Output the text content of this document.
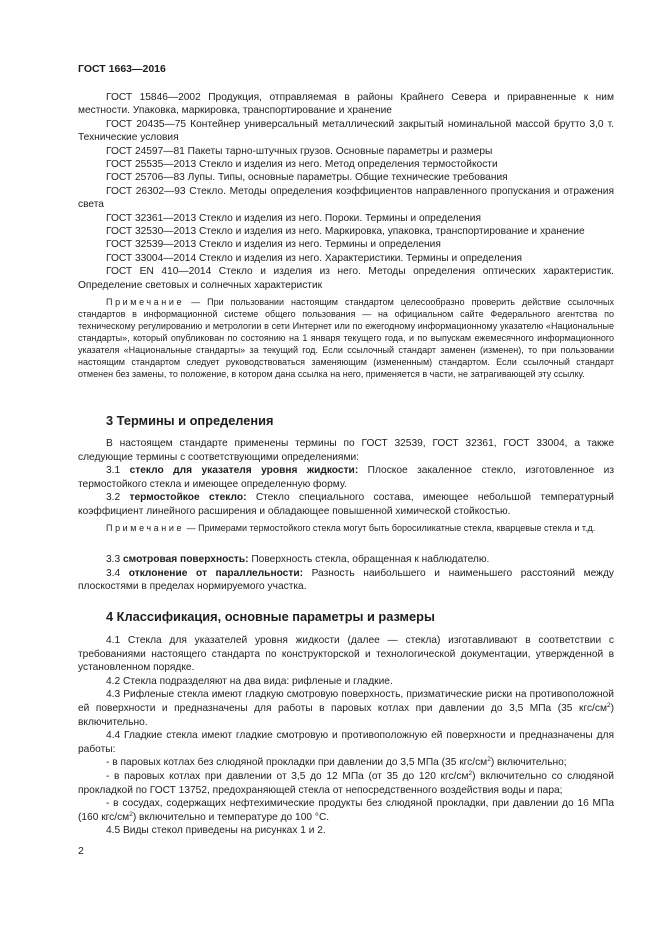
ГОСТ 1663—2016

ГОСТ 15846—2002 Продукция, отправляемая в районы Крайнего Севера и приравненные к ним местности. Упаковка, маркировка, транспортирование и хранение

ГОСТ 20435—75 Контейнер универсальный металлический закрытый номинальной массой брутто 3,0 т. Технические условия

ГОСТ 24597—81 Пакеты тарно-штучных грузов. Основные параметры и размеры

ГОСТ 25535—2013 Стекло и изделия из него. Метод определения термостойкости

ГОСТ 25706—83 Лупы. Типы, основные параметры. Общие технические требования

ГОСТ 26302—93 Стекло. Методы определения коэффициентов направленного пропускания и отражения света

ГОСТ 32361—2013 Стекло и изделия из него. Пороки. Термины и определения

ГОСТ 32530—2013 Стекло и изделия из него. Маркировка, упаковка, транспортирование и хранение

ГОСТ 32539—2013 Стекло и изделия из него. Термины и определения

ГОСТ 33004—2014 Стекло и изделия из него. Характеристики. Термины и определения

ГОСТ EN 410—2014 Стекло и изделия из него. Методы определения оптических характеристик. Определение световых и солнечных характеристик

Примечание — При пользовании настоящим стандартом целесообразно проверить действие ссылочных стандартов в информационной системе общего пользования — на официальном сайте Федерального агентства по техническому регулированию и метрологии в сети Интернет или по ежегодному информационному указателю «Национальные стандарты», который опубликован по состоянию на 1 января текущего года, и по выпускам ежемесячного информационного указателя «Национальные стандарты» за текущий год. Если ссылочный стандарт заменен (изменен), то при пользовании настоящим стандартом следует руководствоваться заменяющим (измененным) стандартом. Если ссылочный стандарт отменен без замены, то положение, в котором дана ссылка на него, применяется в части, не затрагивающей эту ссылку.

3 Термины и определения

В настоящем стандарте применены термины по ГОСТ 32539, ГОСТ 32361, ГОСТ 33004, а также следующие термины с соответствующими определениями:

3.1 стекло для указателя уровня жидкости: Плоское закаленное стекло, изготовленное из термостойкого стекла и имеющее определенную форму.

3.2 термостойкое стекло: Стекло специального состава, имеющее небольшой температурный коэффициент линейного расширения и обладающее повышенной химической стойкостью.

Примечание — Примерами термостойкого стекла могут быть боросиликатные стекла, кварцевые стекла и т.д.

3.3 смотровая поверхность: Поверхность стекла, обращенная к наблюдателю.

3.4 отклонение от параллельности: Разность наибольшего и наименьшего расстояний между плоскостями в пределах нормируемого участка.

4 Классификация, основные параметры и размеры

4.1 Стекла для указателей уровня жидкости (далее — стекла) изготавливают в соответствии с требованиями настоящего стандарта по конструкторской и технологической документации, утвержденной в установленном порядке.

4.2 Стекла подразделяют на два вида: рифленые и гладкие.

4.3 Рифленые стекла имеют гладкую смотровую поверхность, призматические риски на противоположной ей поверхности и предназначены для работы в паровых котлах при давлении до 3,5 МПа (35 кгс/$см^2$) включительно.

4.4 Гладкие стекла имеют гладкие смотровую и противоположную ей поверхности и предназначены для работы:

- в паровых котлах без слюдяной прокладки при давлении до 3,5 МПа (35 кгс/$см^2$) включительно;

- в паровых котлах при давлении от 3,5 до 12 МПа (от 35 до 120 кгс/$см^2$) включительно со слюдяной прокладкой по ГОСТ 13752, предохраняющей стекла от непосредственного воздействия воды и пара;

- в сосудах, содержащих нефтехимические продукты без слюдяной прокладки, при давлении до 16 МПа (160 кгс/$см^2$) включительно и температуре до 100 °С.

4.5 Виды стекол приведены на рисунках 1 и 2.

2
